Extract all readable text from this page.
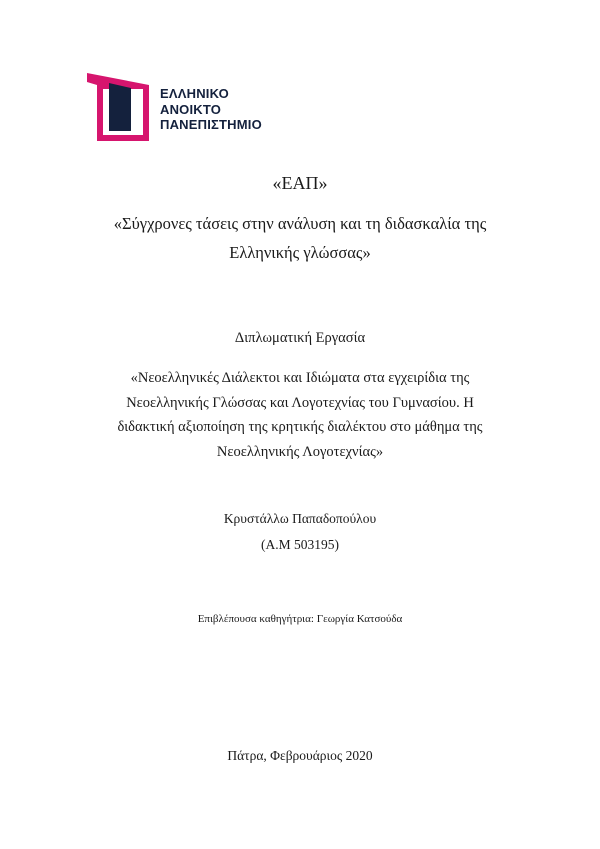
ΕΛΛΗΝΙΚΟ
ΑΝΟΙΚΤΟ
ΠΑΝΕΠΙΣΤΗΜΙΟ

«ΕΑΠ»

«Σύγχρονες τάσεις στην ανάλυση και τη διδασκαλία της
Ελληνικής γλώσσας»

Διπλωματική Εργασία

«Νεοελληνικές Διάλεκτοι και Ιδιώματα στα εγχειρίδια της
Νεοελληνικής Γλώσσας και Λογοτεχνίας του Γυμνασίου. Η
διδακτική αξιοποίηση της κρητικής διαλέκτου στο μάθημα της
Νεοελληνικής Λογοτεχνίας»

Κρυστάλλω Παπαδοπούλου

(Α.Μ 503195)

Επιβλέπουσα καθηγήτρια: Γεωργία Κατσούδα

Πάτρα, Φεβρουάριος 2020
